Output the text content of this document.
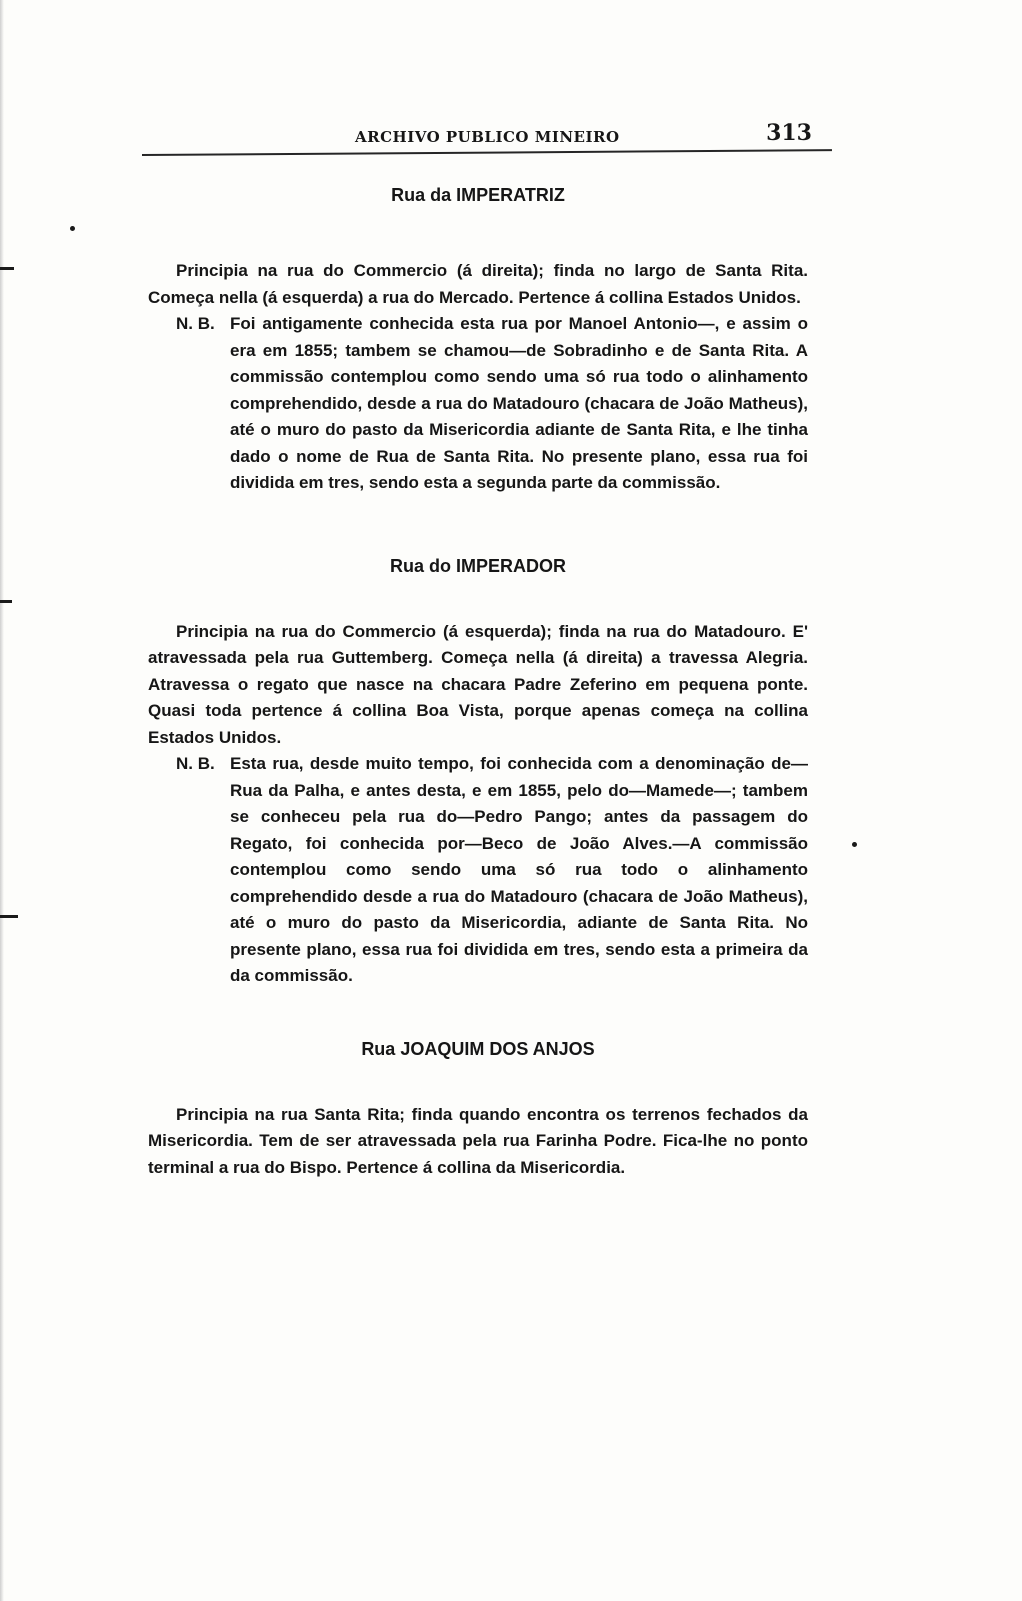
ARCHIVO PUBLICO MINEIRO	313
Rua da IMPERATRIZ

Principia na rua do Commercio (á direita); finda no largo de Santa Rita. Começa nella (á esquerda) a rua do Mercado. Pertence á collina Estados Unidos.

N. B. Foi antigamente conhecida esta rua por Manoel Antonio—, e assim o era em 1855; tambem se chamou—de Sobradinho e de Santa Rita. A commissão contemplou como sendo uma só rua todo o alinhamento comprehendido, desde a rua do Matadouro (chacara de João Matheus), até o muro do pasto da Misericordia adiante de Santa Rita, e lhe tinha dado o nome de Rua de Santa Rita. No presente plano, essa rua foi dividida em tres, sendo esta a segunda parte da commissão.
Rua do IMPERADOR

Principia na rua do Commercio (á esquerda); finda na rua do Matadouro. E' atravessada pela rua Guttemberg. Começa nella (á direita) a travessa Alegria. Atravessa o regato que nasce na chacara Padre Zeferino em pequena ponte. Quasi toda pertence á collina Boa Vista, porque apenas começa na collina Estados Unidos.

N. B. Esta rua, desde muito tempo, foi conhecida com a denominação de—Rua da Palha, e antes desta, e em 1855, pelo do—Mamede—; tambem se conheceu pela rua do—Pedro Pango; antes da passagem do Regato, foi conhecida por—Beco de João Alves.—A commissão contemplou como sendo uma só rua todo o alinhamento comprehendido desde a rua do Matadouro (chacara de João Matheus), até o muro do pasto da Misericordia, adiante de Santa Rita. No presente plano, essa rua foi dividida em tres, sendo esta a primeira da da commissão.
Rua JOAQUIM DOS ANJOS

Principia na rua Santa Rita; finda quando encontra os terrenos fechados da Misericordia. Tem de ser atravessada pela rua Farinha Podre. Fica-lhe no ponto terminal a rua do Bispo. Pertence á collina da Misericordia.
